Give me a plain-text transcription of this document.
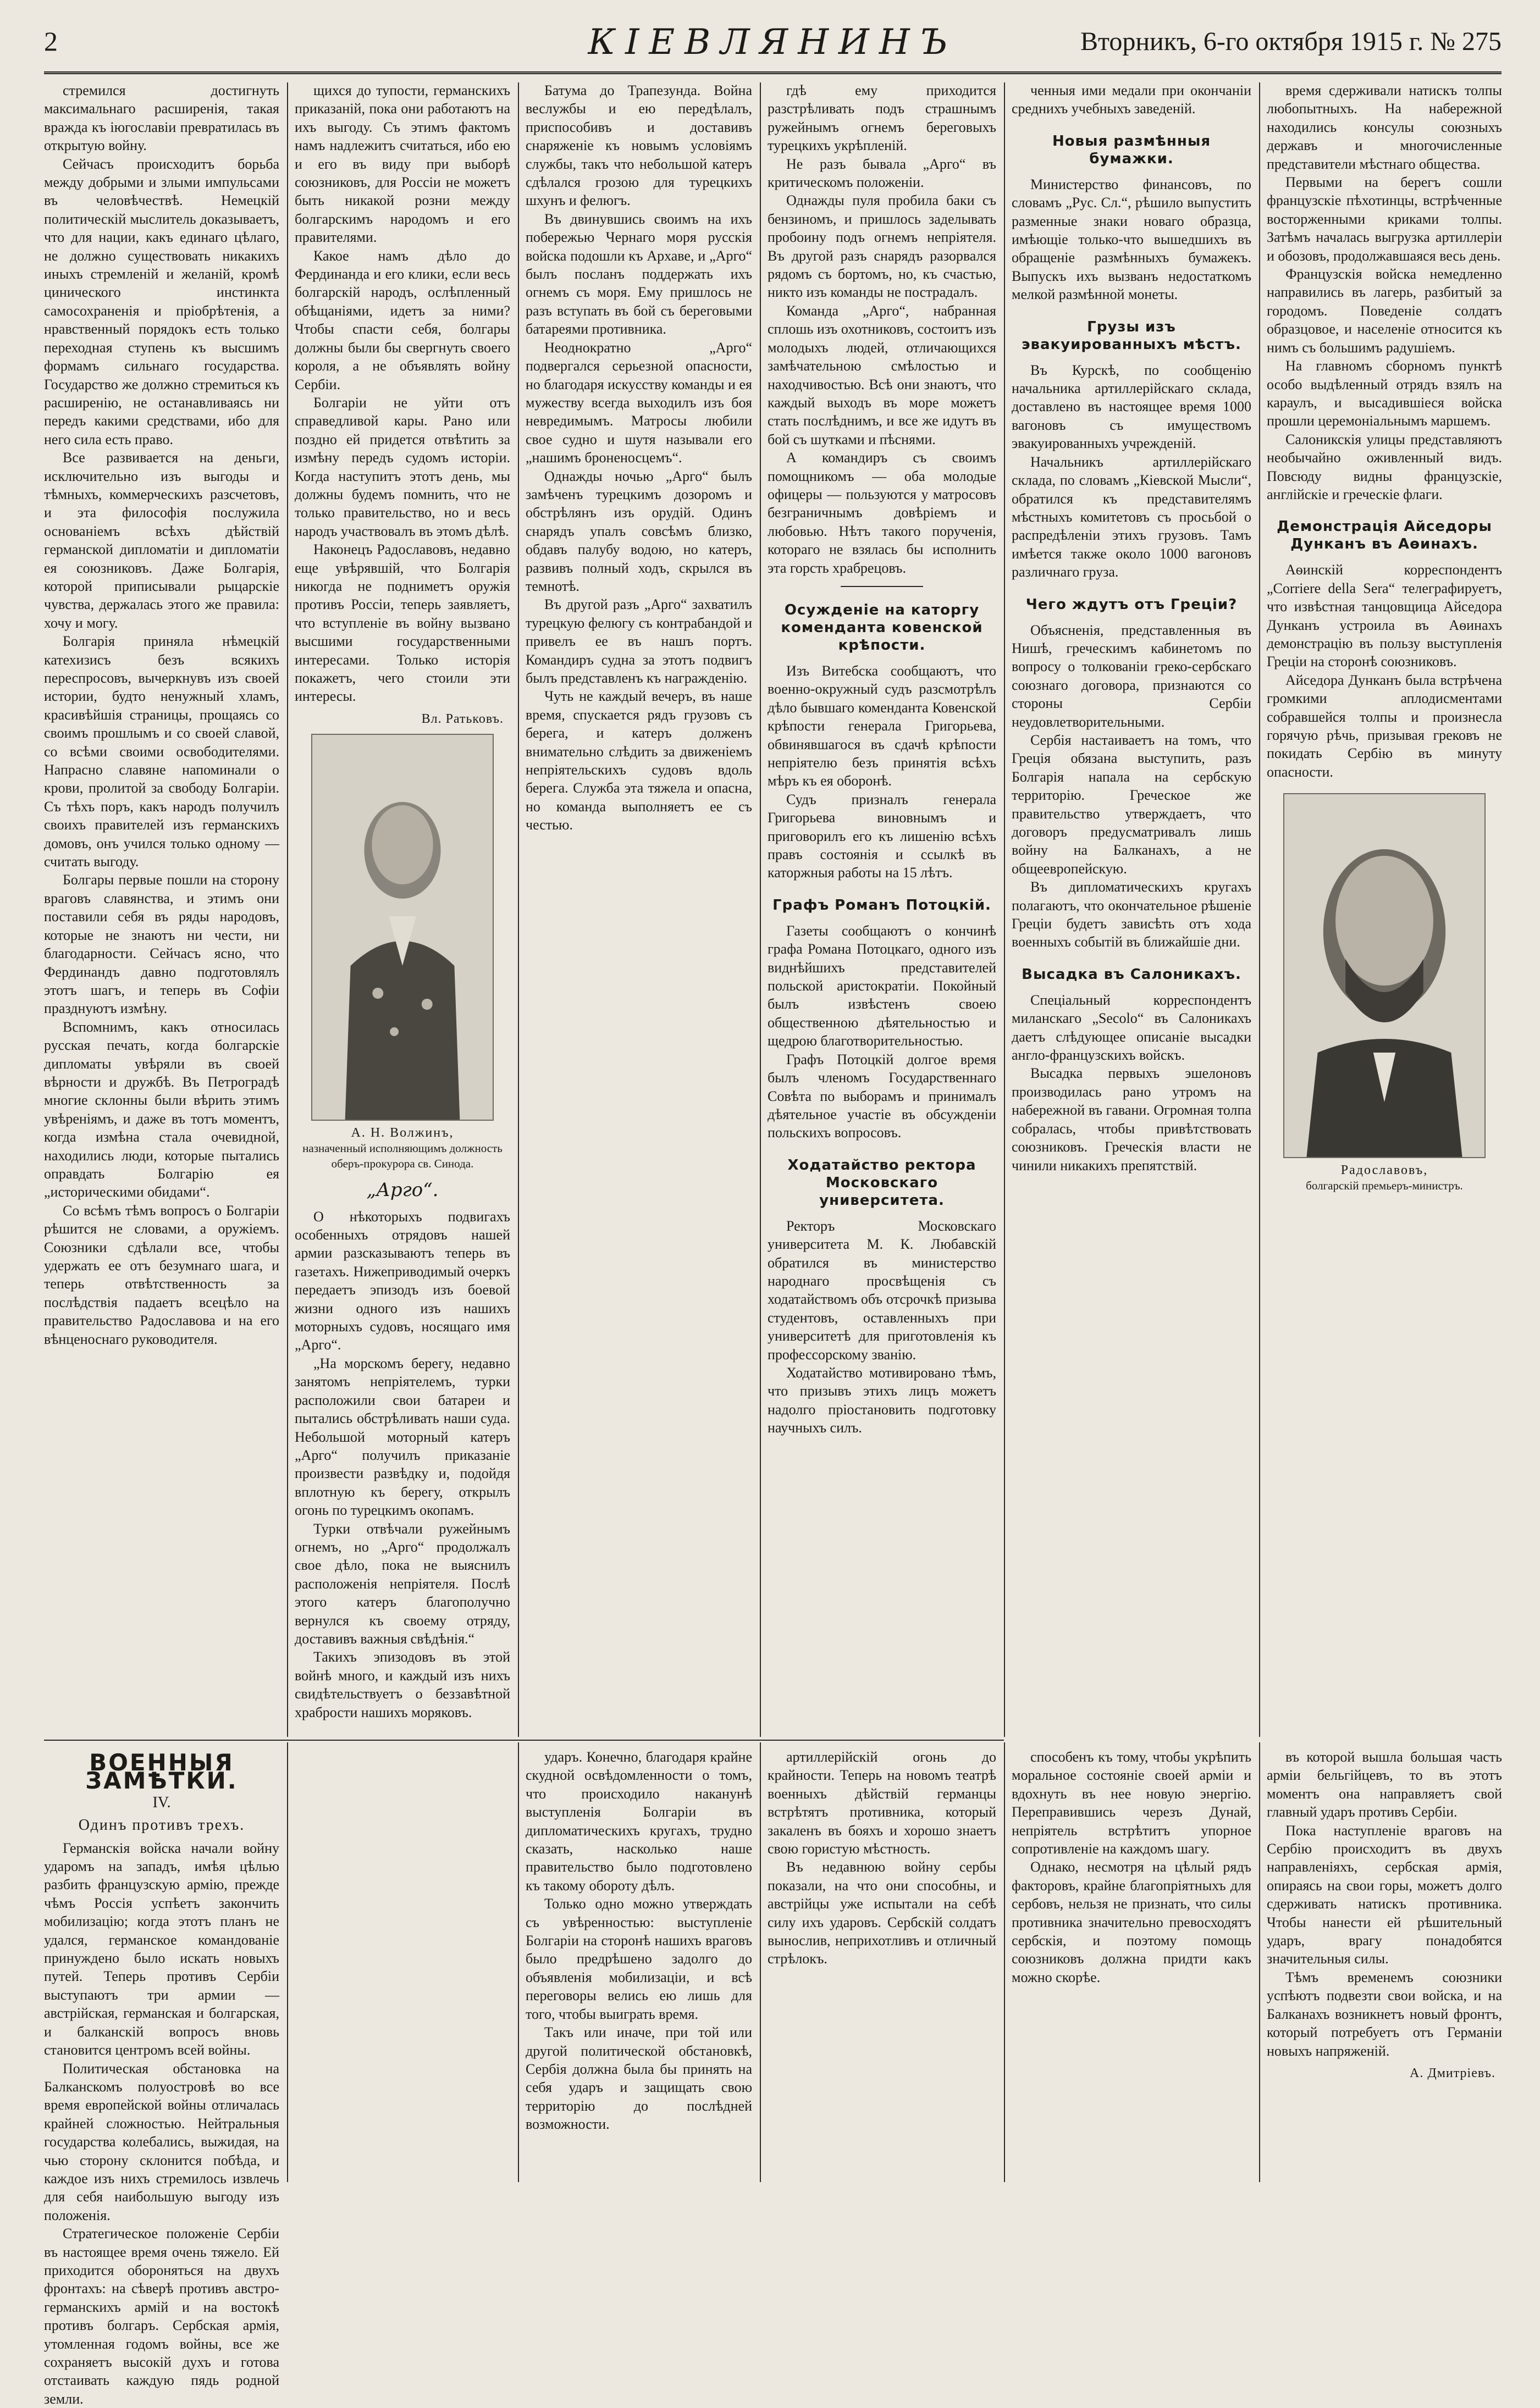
2	КІЕВЛЯНИНЪ	Вторникъ, 6-го октября 1915 г. № 275

стремился достигнуть максимальнаго расширенія, такая вражда къ іюгославіи превратилась въ открытую войну.

Сейчасъ происходитъ борьба между добрыми и злыми импульсами въ человѣчествѣ. Немецкій политическій мыслитель доказываетъ, что для нации, какъ единаго цѣлаго, не должно существовать никакихъ иныхъ стремленій и желаній, кромѣ цинического инстинкта самосохраненія и пріобрѣтенія, а нравственный порядокъ есть только переходная ступень къ высшимъ формамъ сильнаго государства. Государство же должно стремиться къ расширенію, не останавливаясь ни передъ какими средствами, ибо для него сила есть право.

Все развивается на деньги, исключительно изъ выгоды и тѣмныхъ, коммерческихъ разсчетовъ, и эта философія послужила основаніемъ всѣхъ дѣйствій германской дипломатіи и дипломатіи ея союзниковъ. Даже Болгарія, которой приписывали рыцарскіе чувства, держалась этого же правила: хочу и могу.

Болгарія приняла нѣмецкій катехизисъ безъ всякихъ переспросовъ, вычеркнувъ изъ своей истории, будто ненужный хламъ, красивѣйшія страницы, прощаясь со своимъ прошлымъ и со своей славой, со всѣми своими освободителями. Напрасно славяне напоминали о крови, пролитой за свободу Болгаріи. Съ тѣхъ поръ, какъ народъ получилъ своихъ правителей изъ германскихъ домовъ, онъ учился только одному — считать выгоду.

Болгары первые пошли на сторону враговъ славянства, и этимъ они поставили себя въ ряды народовъ, которые не знаютъ ни чести, ни благодарности. Сейчасъ ясно, что Фердинандъ давно подготовлялъ этотъ шагъ, и теперь въ Софіи празднуютъ измѣну.

Вспомнимъ, какъ относилась русская печать, когда болгарскіе дипломаты увѣряли въ своей вѣрности и дружбѣ. Въ Петроградѣ многие склонны были вѣрить этимъ увѣреніямъ, и даже въ тотъ моментъ, когда измѣна стала очевидной, находились люди, которые пытались оправдать Болгарію ея „историческими обидами“.

Со всѣмъ тѣмъ вопросъ о Болгаріи рѣшится не словами, а оружіемъ. Союзники сдѣлали все, чтобы удержать ее отъ безумнаго шага, и теперь отвѣтственность за послѣдствія падаетъ всецѣло на правительство Радославова и на его вѣнценоснаго руководителя.

ВОЕННЫЯ ЗАМѢТКИ.
IV.
Одинъ противъ трехъ.

Германскія войска начали войну ударомъ на западъ, имѣя цѣлью разбить французскую армію, прежде чѣмъ Россія успѣетъ закончить мобилизацію; когда этотъ планъ не удался, германское командованіе принуждено было искать новыхъ путей. Теперь противъ Сербіи выступаютъ три армии — австрійская, германская и болгарская, и балканскій вопросъ вновь становится центромъ всей войны.

Политическая обстановка на Балканскомъ полуостровѣ во все время европейской войны отличалась крайней сложностью. Нейтральныя государства колебались, выжидая, на чью сторону склонится побѣда, и каждое изъ нихъ стремилось извлечь для себя наибольшую выгоду изъ положенія.

Стратегическое положеніе Сербіи въ настоящее время очень тяжело. Ей приходится обороняться на двухъ фронтахъ: на сѣверѣ противъ австро-германскихъ армій и на востокѣ противъ болгаръ. Сербская армія, утомленная годомъ войны, все же сохраняетъ высокій духъ и готова отстаивать каждую пядь родной земли.

щихся до тупости, германскихъ приказаній, пока они работаютъ на ихъ выгоду. Съ этимъ фактомъ намъ надлежитъ считаться, ибо ею и его въ виду при выборѣ союзниковъ, для Россіи не можетъ быть никакой розни между болгарскимъ народомъ и его правителями.

Какое намъ дѣло до Фердинанда и его клики, если весь болгарскій народъ, ослѣпленный обѣщаніями, идетъ за ними? Чтобы спасти себя, болгары должны были бы свергнуть своего короля, а не объявлять войну Сербіи.

Болгаріи не уйти отъ справедливой кары. Рано или поздно ей придется отвѣтить за измѣну передъ судомъ исторіи. Когда наступитъ этотъ день, мы должны будемъ помнить, что не только правительство, но и весь народъ участвовалъ въ этомъ дѣлѣ.

Наконецъ Радославовъ, недавно еще увѣрявшій, что Болгарія никогда не подниметъ оружія противъ Россіи, теперь заявляетъ, что вступленіе въ войну вызвано высшими государственными интересами. Только исторія покажетъ, чего стоили эти интересы.

Вл. Ратьковъ.
А. Н. Волжинъ,
назначенный исполняющимъ должность оберъ-прокурора св. Синода.
„Арго“.

О нѣкоторыхъ подвигахъ особенныхъ отрядовъ нашей армии разсказываютъ теперь въ газетахъ. Нижеприводимый очеркъ передаетъ эпизодъ изъ боевой жизни одного изъ нашихъ моторныхъ судовъ, носящаго имя „Арго“.

„На морскомъ берегу, недавно занятомъ непріятелемъ, турки расположили свои батареи и пытались обстрѣливать наши суда. Небольшой моторный катеръ „Арго“ получилъ приказаніе произвести развѣдку и, подойдя вплотную къ берегу, открылъ огонь по турецкимъ окопамъ.

Турки отвѣчали ружейнымъ огнемъ, но „Арго“ продолжалъ свое дѣло, пока не выяснилъ расположенія непріятеля. Послѣ этого катеръ благополучно вернулся къ своему отряду, доставивъ важныя свѣдѣнія.“

Такихъ эпизодовъ въ этой войнѣ много, и каждый изъ нихъ свидѣтельствуетъ о беззавѣтной храбрости нашихъ моряковъ.

Батума до Трапезунда. Война веслужбы и ею передѣлалъ, приспособивъ и доставивъ снаряженіе къ новымъ условіямъ службы, такъ что небольшой катеръ сдѣлался грозою для турецкихъ шхунъ и фелюгъ.

Въ двинувшись своимъ на ихъ побережью Чернаго моря русскія войска подошли къ Архаве, и „Арго“ былъ посланъ поддержать ихъ огнемъ съ моря. Ему пришлось не разъ вступать въ бой съ береговыми батареями противника.

Неоднократно „Арго“ подвергался серьезной опасности, но благодаря искусству команды и ея мужеству всегда выходилъ изъ боя невредимымъ. Матросы любили свое судно и шутя называли его „нашимъ броненосцемъ“.

Однажды ночью „Арго“ былъ замѣченъ турецкимъ дозоромъ и обстрѣлянъ изъ орудій. Одинъ снарядъ упалъ совсѣмъ близко, обдавъ палубу водою, но катеръ, развивъ полный ходъ, скрылся въ темнотѣ.

Въ другой разъ „Арго“ захватилъ турецкую фелюгу съ контрабандой и привелъ ее въ нашъ портъ. Командиръ судна за этотъ подвигъ былъ представленъ къ награжденію.

Чуть не каждый вечеръ, въ наше время, спускается рядъ грузовъ съ берега, и катеръ долженъ внимательно слѣдить за движеніемъ непріятельскихъ судовъ вдоль берега. Служба эта тяжела и опасна, но команда выполняетъ ее съ честью.

ударъ. Конечно, благодаря крайне скудной освѣдомленности о томъ, что происходило наканунѣ выступленія Болгаріи въ дипломатическихъ кругахъ, трудно сказать, насколько наше правительство было подготовлено къ такому обороту дѣлъ.

Только одно можно утверждать съ увѣренностью: выступленіе Болгаріи на сторонѣ нашихъ враговъ было предрѣшено задолго до объявленія мобилизаціи, и всѣ переговоры велись ею лишь для того, чтобы выиграть время.

Такъ или иначе, при той или другой политической обстановкѣ, Сербія должна была бы принять на себя ударъ и защищать свою территорію до послѣдней возможности.

гдѣ ему приходится разстрѣливать подъ страшнымъ ружейнымъ огнемъ береговыхъ турецкихъ укрѣпленій.

Не разъ бывала „Арго“ въ критическомъ положеніи.

Однажды пуля пробила баки съ бензиномъ, и пришлось заделывать пробоину подъ огнемъ непріятеля. Въ другой разъ снарядъ разорвался рядомъ съ бортомъ, но, къ счастью, никто изъ команды не пострадалъ.

Команда „Арго“, набранная сплошь изъ охотниковъ, состоитъ изъ молодыхъ людей, отличающихся замѣчательною смѣлостью и находчивостью. Всѣ они знаютъ, что каждый выходъ въ море можетъ стать послѣднимъ, и все же идутъ въ бой съ шутками и пѣснями.

А командиръ съ своимъ помощникомъ — оба молодые офицеры — пользуются у матросовъ безграничнымъ довѣріемъ и любовью. Нѣтъ такого порученія, котораго не взялась бы исполнить эта горсть храбрецовъ.

Осужденіе на каторгу коменданта ковенской крѣпости.

Изъ Витебска сообщаютъ, что военно-окружный судъ разсмотрѣлъ дѣло бывшаго коменданта Ковенской крѣпости генерала Григорьева, обвинявшагося въ сдачѣ крѣпости непріятелю безъ принятія всѣхъ мѣръ къ ея оборонѣ.

Судъ призналъ генерала Григорьева виновнымъ и приговорилъ его къ лишенію всѣхъ правъ состоянія и ссылкѣ въ каторжныя работы на 15 лѣтъ.

Графъ Романъ Потоцкій.

Газеты сообщаютъ о кончинѣ графа Романа Потоцкаго, одного изъ виднѣйшихъ представителей польской аристократіи. Покойный былъ извѣстенъ своею общественною дѣятельностью и щедрою благотворительностью.

Графъ Потоцкій долгое время былъ членомъ Государственнаго Совѣта по выборамъ и принималъ дѣятельное участіе въ обсужденіи польскихъ вопросовъ.

Ходатайство ректора Московскаго университета.

Ректоръ Московскаго университета М. К. Любавскій обратился въ министерство народнаго просвѣщенія съ ходатайствомъ объ отсрочкѣ призыва студентовъ, оставленныхъ при университетѣ для приготовленія къ профессорскому званію.

Ходатайство мотивировано тѣмъ, что призывъ этихъ лицъ можетъ надолго пріостановить подготовку научныхъ силъ.

артиллерійскій огонь до крайности. Теперь на новомъ театрѣ военныхъ дѣйствій германцы встрѣтятъ противника, который закаленъ въ бояхъ и хорошо знаетъ свою гористую мѣстность.

Въ недавнюю войну сербы показали, на что они способны, и австрійцы уже испытали на себѣ силу ихъ ударовъ. Сербскій солдатъ вынослив, неприхотливъ и отличный стрѣлокъ.

ченныя ими медали при окончаніи среднихъ учебныхъ заведеній.

Новыя размѣнныя бумажки.

Министерство финансовъ, по словамъ „Рус. Сл.“, рѣшило выпустить разменные знаки новаго образца, имѣющіе только-что вышедшихъ въ обращеніе размѣнныхъ бумажекъ. Выпускъ ихъ вызванъ недостаткомъ мелкой размѣнной монеты.

Грузы изъ эвакуированныхъ мѣстъ.

Въ Курскѣ, по сообщенію начальника артиллерійскаго склада, доставлено въ настоящее время 1000 вагоновъ съ имуществомъ эвакуированныхъ учрежденій.

Начальникъ артиллерійскаго склада, по словамъ „Кіевской Мысли“, обратился къ представителямъ мѣстныхъ комитетовъ съ просьбой о распредѣленіи этихъ грузовъ. Тамъ имѣется также около 1000 вагоновъ различнаго груза.

Чего ждутъ отъ Греціи?

Объясненія, представленныя въ Нишѣ, греческимъ кабинетомъ по вопросу о толкованіи греко-сербскаго союзнаго договора, признаются со стороны Сербіи неудовлетворительными.

Сербія настаиваетъ на томъ, что Греція обязана выступить, разъ Болгарія напала на сербскую территорію. Греческое же правительство утверждаетъ, что договоръ предусматривалъ лишь войну на Балканахъ, а не общеевропейскую.

Въ дипломатическихъ кругахъ полагаютъ, что окончательное рѣшеніе Греціи будетъ зависѣть отъ хода военныхъ событій въ ближайшіе дни.

Высадка въ Салоникахъ.

Спеціальный корреспондентъ миланскаго „Secolo“ въ Салоникахъ даетъ слѣдующее описаніе высадки англо-французскихъ войскъ.

Высадка первыхъ эшелоновъ производилась рано утромъ на набережной въ гавани. Огромная толпа собралась, чтобы привѣтствовать союзниковъ. Греческія власти не чинили никакихъ препятствій.

способенъ къ тому, чтобы укрѣпить моральное состояніе своей арміи и вдохнуть въ нее новую энергію. Переправившись черезъ Дунай, непріятель встрѣтитъ упорное сопротивленіе на каждомъ шагу.

Однако, несмотря на цѣлый рядъ факторовъ, крайне благопріятныхъ для сербовъ, нельзя не признать, что силы противника значительно превосходятъ сербскія, и поэтому помощь союзниковъ должна придти какъ можно скорѣе.

время сдерживали натискъ толпы любопытныхъ. На набережной находились консулы союзныхъ державъ и многочисленные представители мѣстнаго общества.

Первыми на берегъ сошли французскіе пѣхотинцы, встрѣченные восторженными криками толпы. Затѣмъ началась выгрузка артиллеріи и обозовъ, продолжавшаяся весь день.

Французскія войска немедленно направились въ лагерь, разбитый за городомъ. Поведеніе солдатъ образцовое, и населеніе относится къ нимъ съ большимъ радушіемъ.

На главномъ сборномъ пунктѣ особо выдѣленный отрядъ взялъ на караулъ, и высадившіеся войска прошли церемоніальнымъ маршемъ.

Салоникскія улицы представляютъ необычайно оживленный видъ. Повсюду видны французскіе, англійскіе и греческіе флаги.

Демонстрація Айседоры Дунканъ въ Аѳинахъ.

Аѳинскій корреспондентъ „Corriere della Sera“ телеграфируетъ, что извѣстная танцовщица Айседора Дунканъ устроила въ Аѳинахъ демонстрацію въ пользу выступленія Греціи на сторонѣ союзниковъ.

Айседора Дунканъ была встрѣчена громкими аплодисментами собравшейся толпы и произнесла горячую рѣчь, призывая грековъ не покидать Сербію въ минуту опасности.

Радославовъ,
болгарскій премьеръ-министръ.

въ которой вышла большая часть арміи бельгійцевъ, то въ этотъ моментъ она направляетъ свой главный ударъ противъ Сербіи.

Пока наступленіе враговъ на Сербію происходитъ въ двухъ направленіяхъ, сербская армія, опираясь на свои горы, можетъ долго сдерживать натискъ противника. Чтобы нанести ей рѣшительный ударъ, врагу понадобятся значительныя силы.

Тѣмъ временемъ союзники успѣютъ подвезти свои войска, и на Балканахъ возникнетъ новый фронтъ, который потребуетъ отъ Германіи новыхъ напряженій.

А. Дмитріевъ.
